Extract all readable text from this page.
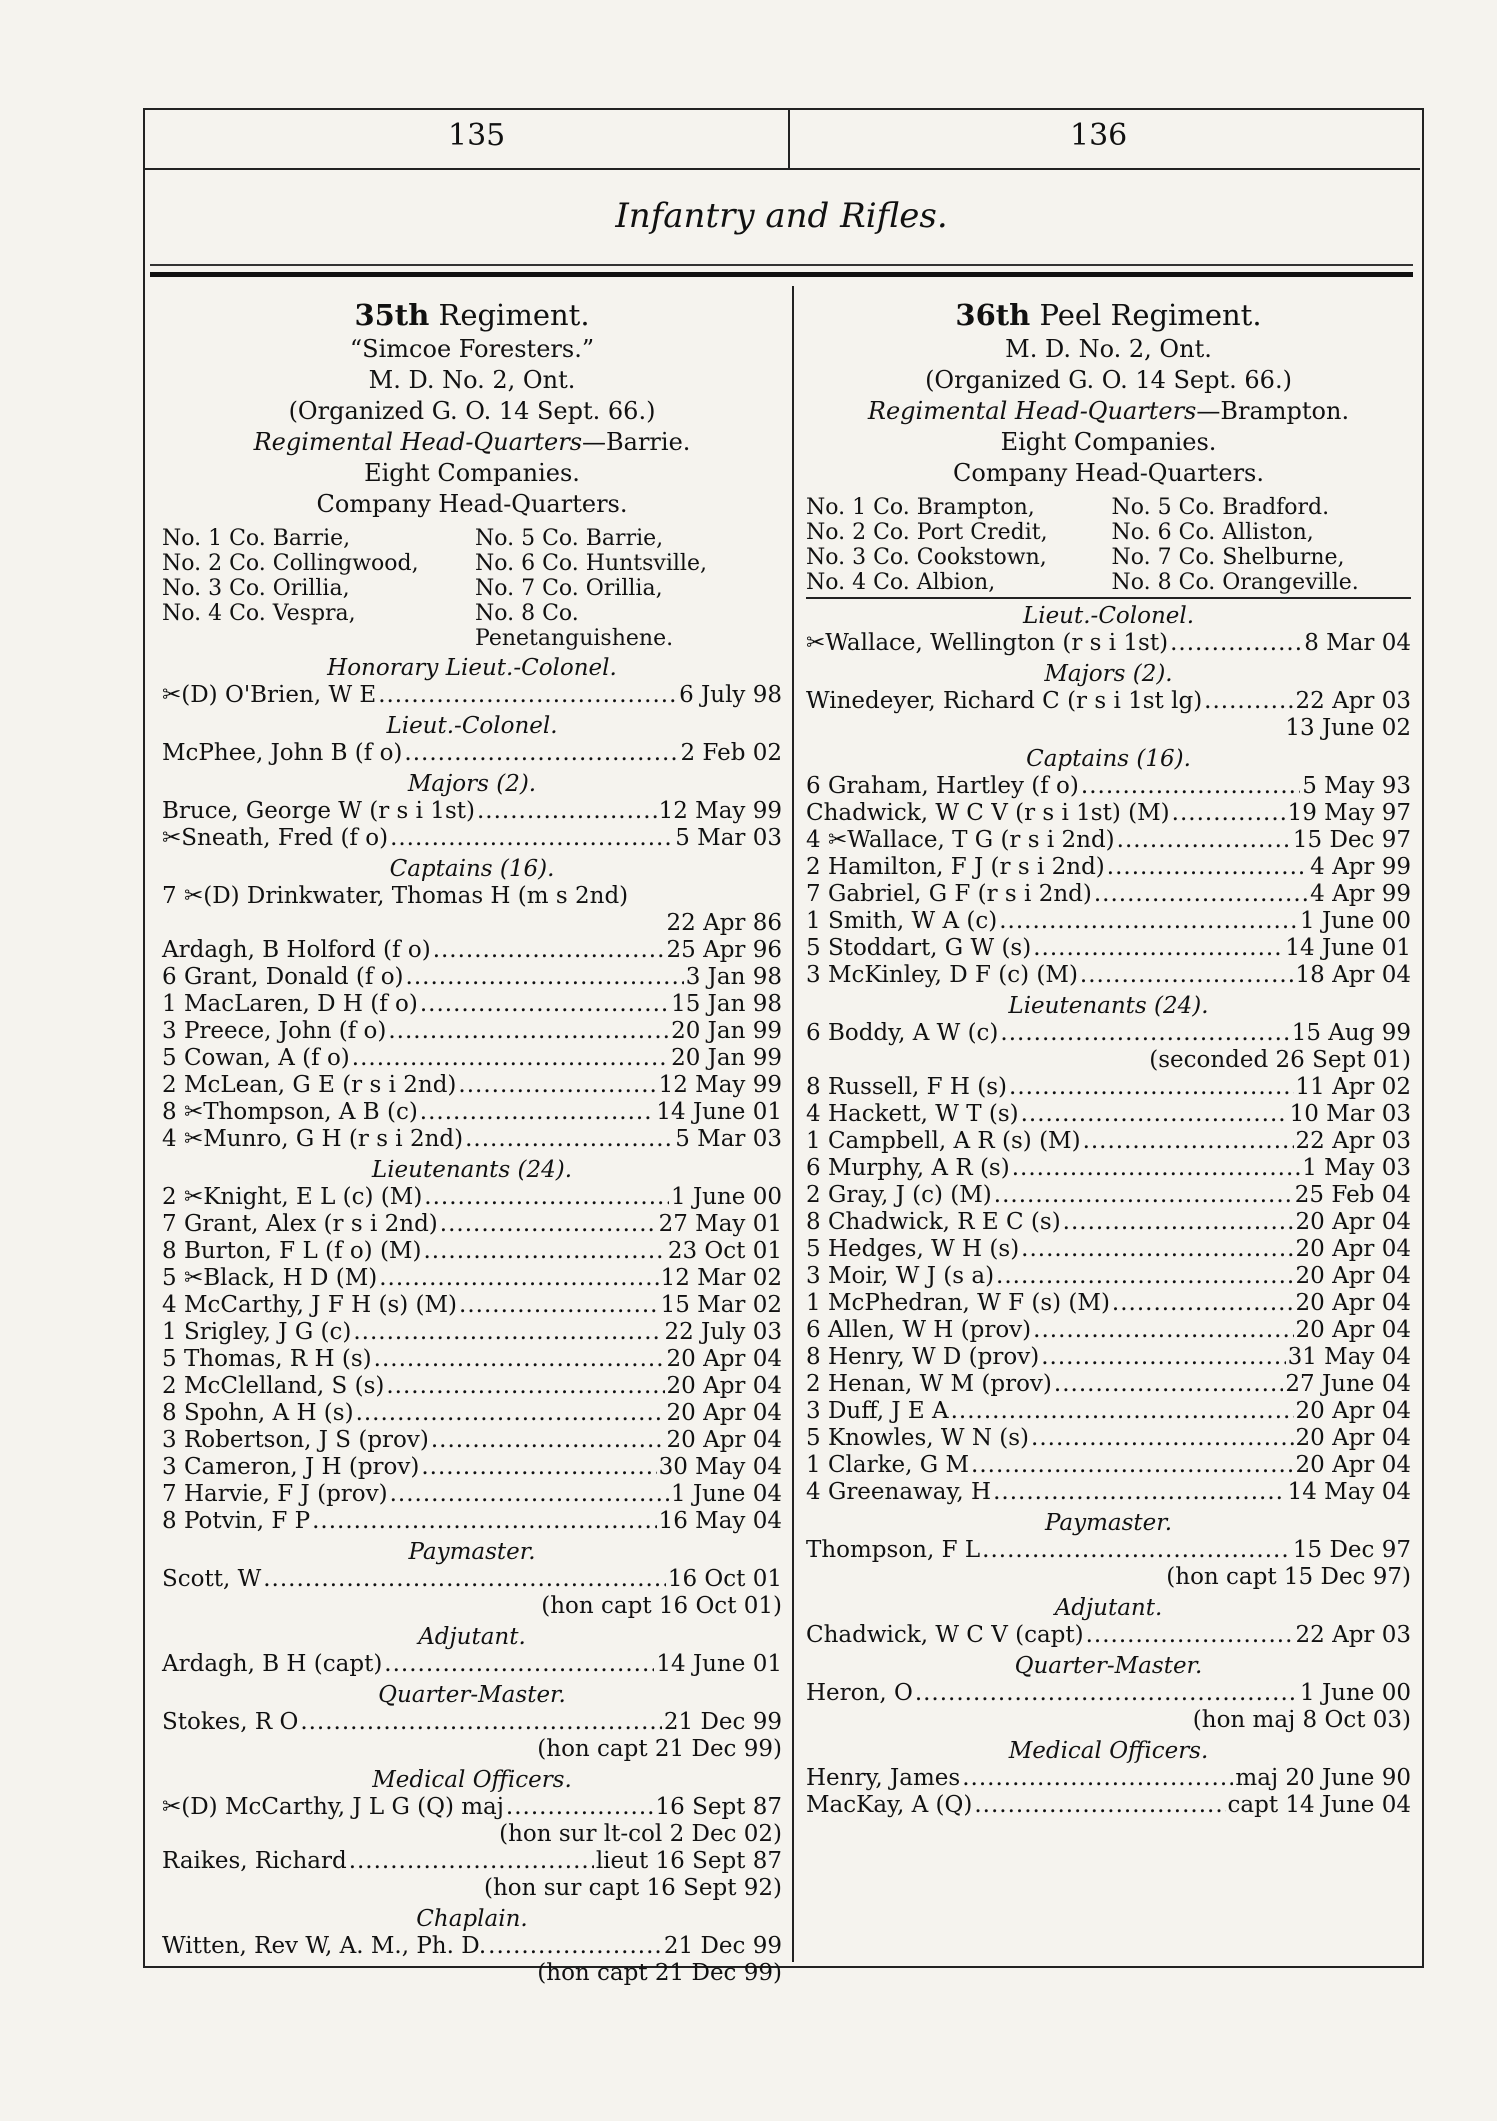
135	136
Infantry and Rifles.
35th Regiment.
“Simcoe Foresters.”
M. D. No. 2, Ont.
(Organized G. O. 14 Sept. 66.)
Regimental Head-Quarters—Barrie.
Eight Companies.
Company Head-Quarters.
No. 1 Co. Barrie,	No. 5 Co. Barrie,
No. 2 Co. Collingwood,	No. 6 Co. Huntsville,
No. 3 Co. Orillia,	No. 7 Co. Orillia,
No. 4 Co. Vespra,	No. 8 Co. Penetanguishene.
Honorary Lieut.-Colonel.
✂(D) O'Brien, W E .....	6 July 98
Lieut.-Colonel.
McPhee, John B (f o) .....	2 Feb 02
Majors (2).
Bruce, George W (r s i 1st) .....	12 May 99
✂Sneath, Fred (f o) .....	5 Mar 03
Captains (16).
7 ✂(D) Drinkwater, Thomas H (m s 2nd)
22 Apr 86
Ardagh, B Holford (f o) .....	25 Apr 96
6 Grant, Donald (f o) .....	3 Jan 98
1 MacLaren, D H (f o) .....	15 Jan 98
3 Preece, John (f o) .....	20 Jan 99
5 Cowan, A (f o) .....	20 Jan 99
2 McLean, G E (r s i 2nd) .....	12 May 99
8 ✂Thompson, A B (c) .....	14 June 01
4 ✂Munro, G H (r s i 2nd) .....	5 Mar 03
Lieutenants (24).
2 ✂Knight, E L (c) (M) .....	1 June 00
7 Grant, Alex (r s i 2nd) .....	27 May 01
8 Burton, F L (f o) (M) .....	23 Oct 01
5 ✂Black, H D (M) .....	12 Mar 02
4 McCarthy, J F H (s) (M) .....	15 Mar 02
1 Srigley, J G (c) .....	22 July 03
5 Thomas, R H (s) .....	20 Apr 04
2 McClelland, S (s) .....	20 Apr 04
8 Spohn, A H (s) .....	20 Apr 04
3 Robertson, J S (prov) .....	20 Apr 04
3 Cameron, J H (prov) .....	30 May 04
7 Harvie, F J (prov) .....	1 June 04
8 Potvin, F P .....	16 May 04
Paymaster.
Scott, W .....	16 Oct 01
(hon capt 16 Oct 01)
Adjutant.
Ardagh, B H (capt) .....	14 June 01
Quarter-Master.
Stokes, R O .....	21 Dec 99
(hon capt 21 Dec 99)
Medical Officers.
✂(D) McCarthy, J L G (Q) maj .....	16 Sept 87
(hon sur lt-col 2 Dec 02)
Raikes, Richard .....	lieut 16 Sept 87
(hon sur capt 16 Sept 92)
Chaplain.
Witten, Rev W, A. M., Ph. D. .....	21 Dec 99
(hon capt 21 Dec 99)
36th Peel Regiment.
M. D. No. 2, Ont.
(Organized G. O. 14 Sept. 66.)
Regimental Head-Quarters—Brampton.
Eight Companies.
Company Head-Quarters.
No. 1 Co. Brampton,	No. 5 Co. Bradford.
No. 2 Co. Port Credit,	No. 6 Co. Alliston,
No. 3 Co. Cookstown,	No. 7 Co. Shelburne,
No. 4 Co. Albion,	No. 8 Co. Orangeville.
Lieut.-Colonel.
✂Wallace, Wellington (r s i 1st) .....	8 Mar 04
Majors (2).
Winedeyer, Richard C (r s i 1st lg) .....	22 Apr 03
13 June 02
Captains (16).
6 Graham, Hartley (f o) .....	5 May 93
Chadwick, W C V (r s i 1st) (M) .....	19 May 97
4 ✂Wallace, T G (r s i 2nd) .....	15 Dec 97
2 Hamilton, F J (r s i 2nd) .....	4 Apr 99
7 Gabriel, G F (r s i 2nd) .....	4 Apr 99
1 Smith, W A (c) .....	1 June 00
5 Stoddart, G W (s) .....	14 June 01
3 McKinley, D F (c) (M) .....	18 Apr 04
Lieutenants (24).
6 Boddy, A W (c) .....	15 Aug 99
(seconded 26 Sept 01)
8 Russell, F H (s) .....	11 Apr 02
4 Hackett, W T (s) .....	10 Mar 03
1 Campbell, A R (s) (M) .....	22 Apr 03
6 Murphy, A R (s) .....	1 May 03
2 Gray, J (c) (M) .....	25 Feb 04
8 Chadwick, R E C (s) .....	20 Apr 04
5 Hedges, W H (s) .....	20 Apr 04
3 Moir, W J (s a) .....	20 Apr 04
1 McPhedran, W F (s) (M) .....	20 Apr 04
6 Allen, W H (prov) .....	20 Apr 04
8 Henry, W D (prov) .....	31 May 04
2 Henan, W M (prov) .....	27 June 04
3 Duff, J E A .....	20 Apr 04
5 Knowles, W N (s) .....	20 Apr 04
1 Clarke, G M .....	20 Apr 04
4 Greenaway, H .....	14 May 04
Paymaster.
Thompson, F L .....	15 Dec 97
(hon capt 15 Dec 97)
Adjutant.
Chadwick, W C V (capt) .....	22 Apr 03
Quarter-Master.
Heron, O .....	1 June 00
(hon maj 8 Oct 03)
Medical Officers.
Henry, James .....	maj 20 June 90
MacKay, A (Q) .....	capt 14 June 04
